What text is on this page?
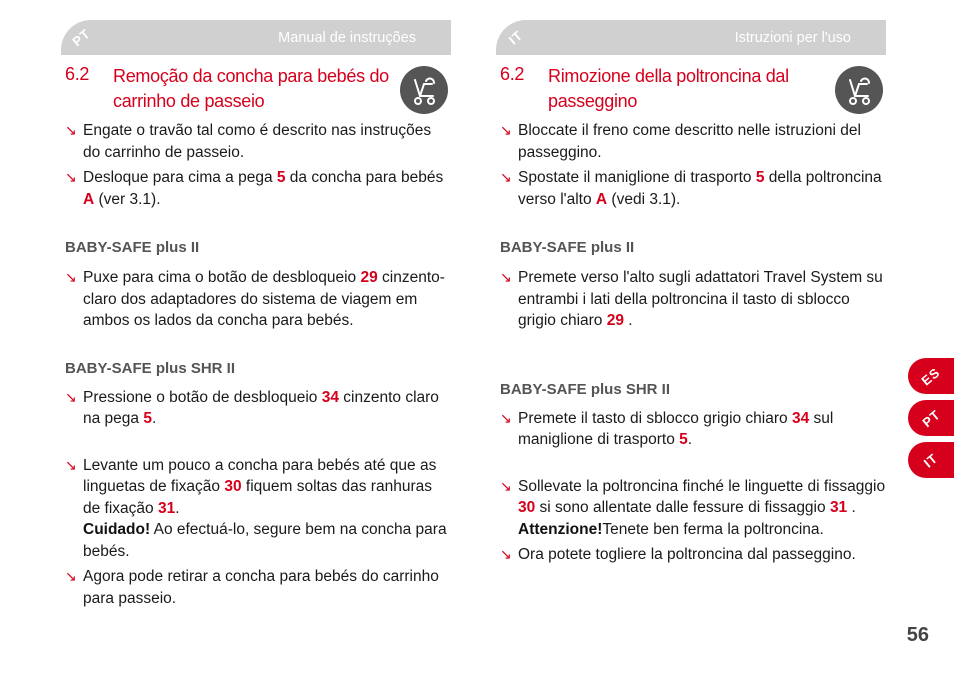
PT	Manual de instruções
6.2 Remoção da concha para bebés do carrinho de passeio
↘ Engate o travão tal como é descrito nas instruções do carrinho de passeio.
↘ Desloque para cima a pega 5 da concha para bebés A (ver 3.1).
BABY-SAFE plus II
↘ Puxe para cima o botão de desbloqueio 29 cinzento-claro dos adaptadores do sistema de viagem em ambos os lados da concha para bebés.
BABY-SAFE plus SHR II
↘ Pressione o botão de desbloqueio 34 cinzento claro na pega 5.
↘ Levante um pouco a concha para bebés até que as linguetas de fixação 30 fiquem soltas das ranhuras de fixação 31.
Cuidado! Ao efectuá-lo, segure bem na concha para bebés.
↘ Agora pode retirar a concha para bebés do carrinho para passeio.
IT	Istruzioni per l'uso
6.2 Rimozione della poltroncina dal passeggino
↘ Bloccate il freno come descritto nelle istruzioni del passeggino.
↘ Spostate il maniglione di trasporto 5 della poltroncina verso l'alto A (vedi 3.1).
BABY-SAFE plus II
↘ Premete verso l'alto sugli adattatori Travel System su entrambi i lati della poltroncina il tasto di sblocco grigio chiaro 29 .
BABY-SAFE plus SHR II
↘ Premete il tasto di sblocco grigio chiaro 34 sul maniglione di trasporto 5.
↘ Sollevate la poltroncina finché le linguette di fissaggio 30 si sono allentate dalle fessure di fissaggio 31 .
Attenzione!Tenete ben ferma la poltroncina.
↘ Ora potete togliere la poltroncina dal passeggino.
ES
PT
IT
56
